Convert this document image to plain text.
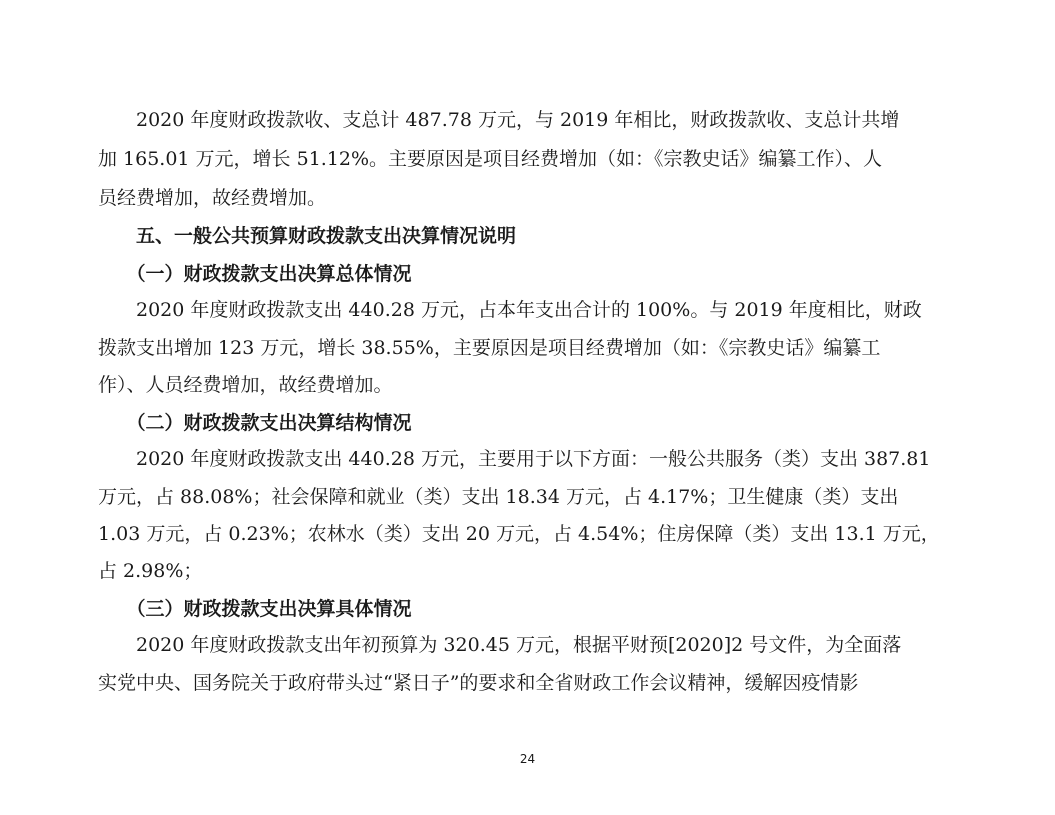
　　2020 年度财政拨款收、支总计 487.78 万元，与 2019 年相比，财政拨款收、支总计共增
加 165.01 万元，增长 51.12%。主要原因是项目经费增加（如：《宗教史话》编纂工作）、人
员经费增加，故经费增加。
　　五、一般公共预算财政拨款支出决算情况说明
　　（一）财政拨款支出决算总体情况
　　2020 年度财政拨款支出 440.28 万元，占本年支出合计的 100%。与 2019 年度相比，财政
拨款支出增加 123 万元，增长 38.55%，主要原因是项目经费增加（如：《宗教史话》编纂工
作）、人员经费增加，故经费增加。
　　（二）财政拨款支出决算结构情况
　　2020 年度财政拨款支出 440.28 万元，主要用于以下方面：一般公共服务（类）支出 387.81
万元，占 88.08%；社会保障和就业（类）支出 18.34 万元，占 4.17%；卫生健康（类）支出
1.03 万元，占 0.23%；农林水（类）支出 20 万元，占 4.54%；住房保障（类）支出 13.1 万元，
占 2.98%；
　　（三）财政拨款支出决算具体情况
　　2020 年度财政拨款支出年初预算为 320.45 万元，根据平财预[2020]2 号文件，为全面落
实党中央、国务院关于政府带头过“紧日子”的要求和全省财政工作会议精神，缓解因疫情影
24
